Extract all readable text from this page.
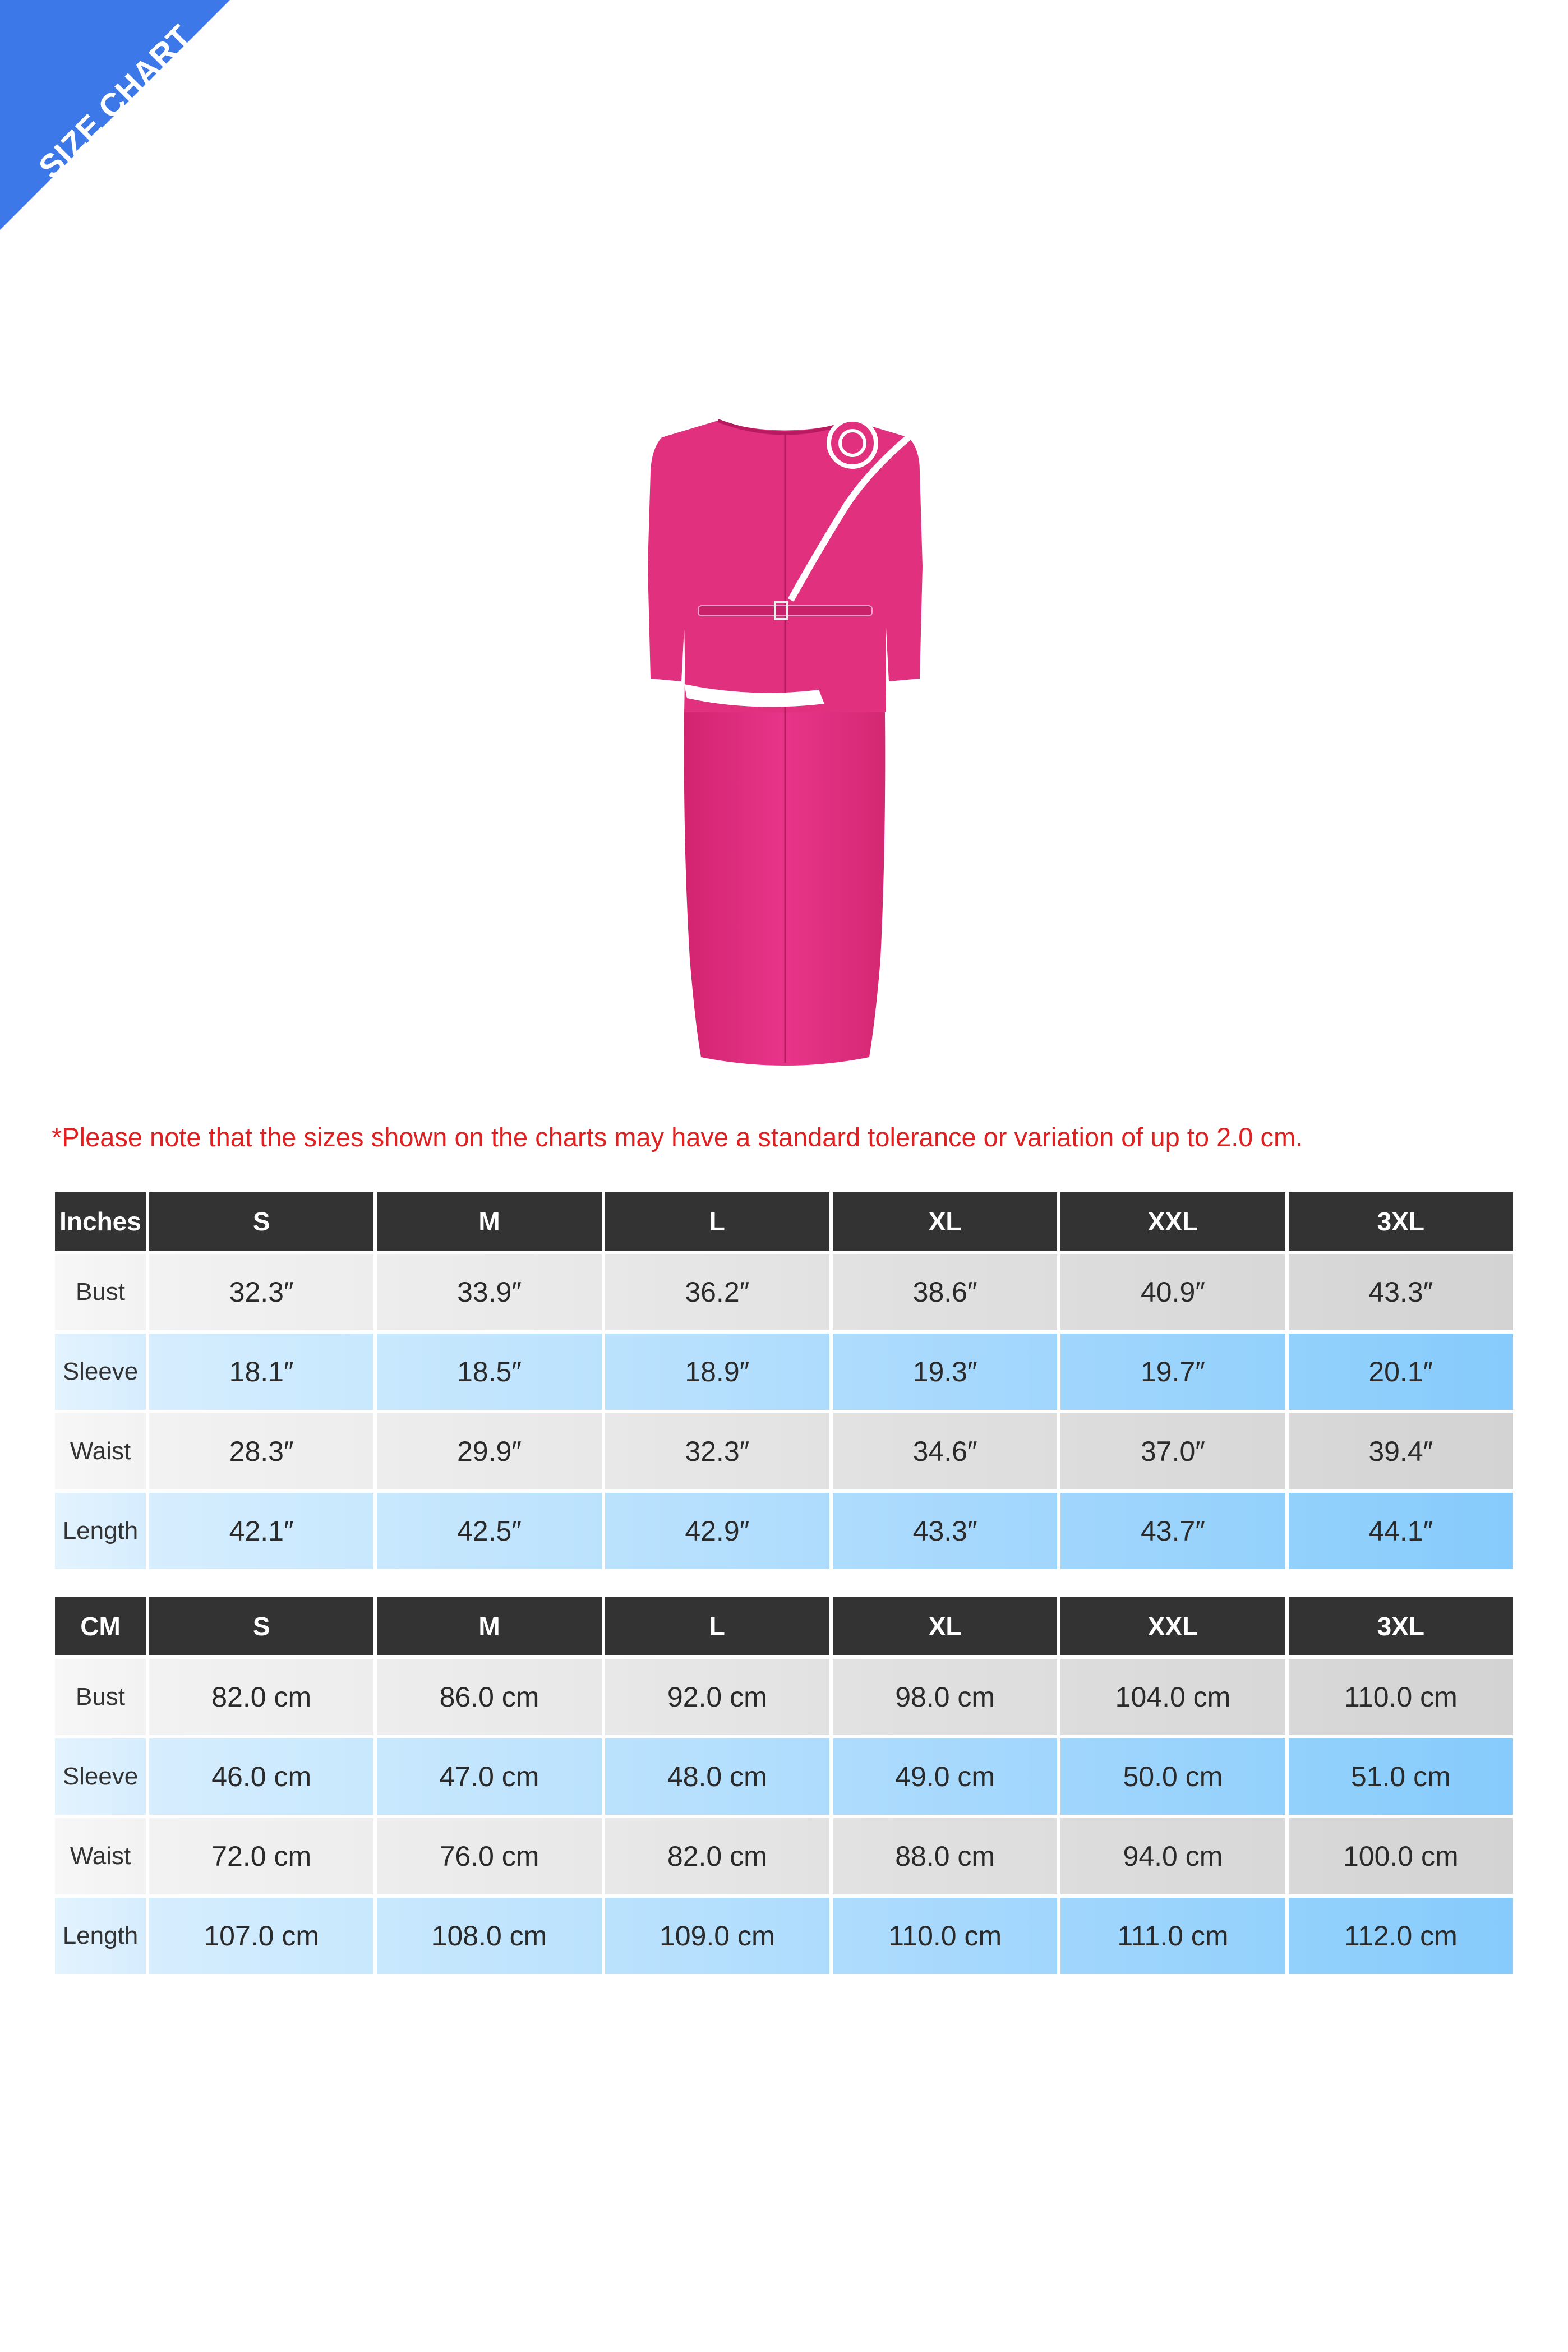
SIZE CHART
*Please note that the sizes shown on the charts may have a standard tolerance or variation of up to 2.0 cm.
Inches	S	M	L	XL	XXL	3XL
Bust	32.3″	33.9″	36.2″	38.6″	40.9″	43.3″
Sleeve	18.1″	18.5″	18.9″	19.3″	19.7″	20.1″
Waist	28.3″	29.9″	32.3″	34.6″	37.0″	39.4″
Length	42.1″	42.5″	42.9″	43.3″	43.7″	44.1″
CM	S	M	L	XL	XXL	3XL
Bust	82.0 cm	86.0 cm	92.0 cm	98.0 cm	104.0 cm	110.0 cm
Sleeve	46.0 cm	47.0 cm	48.0 cm	49.0 cm	50.0 cm	51.0 cm
Waist	72.0 cm	76.0 cm	82.0 cm	88.0 cm	94.0 cm	100.0 cm
Length	107.0 cm	108.0 cm	109.0 cm	110.0 cm	111.0 cm	112.0 cm
